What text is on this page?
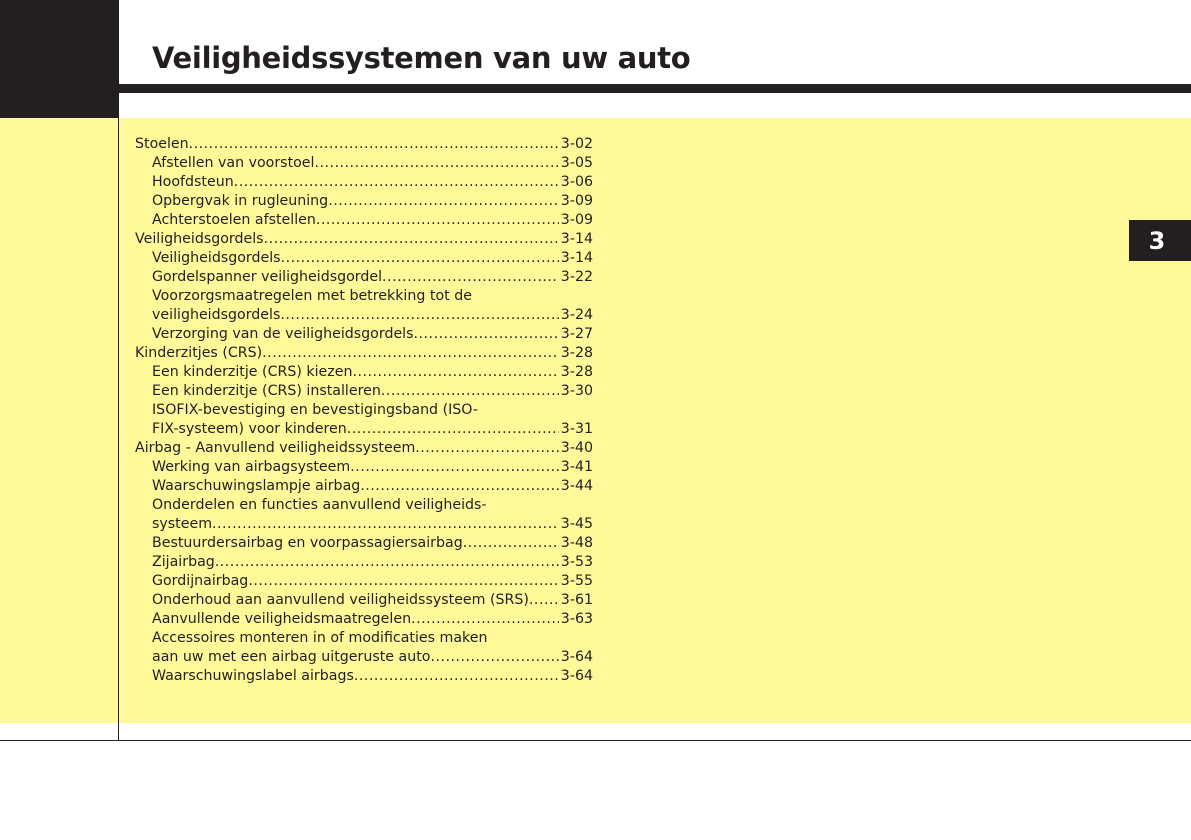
Veiligheidssystemen van uw auto
3
Stoelen .....	3-02
Afstellen van voorstoel .....	3-05
Hoofdsteun .....	3-06
Opbergvak in rugleuning .....	3-09
Achterstoelen afstellen .....	3-09
Veiligheidsgordels .....	3-14
Veiligheidsgordels .....	3-14
Gordelspanner veiligheidsgordel .....	3-22
Voorzorgsmaatregelen met betrekking tot de
veiligheidsgordels .....	3-24
Verzorging van de veiligheidsgordels .....	3-27
Kinderzitjes (CRS) .....	3-28
Een kinderzitje (CRS) kiezen .....	3-28
Een kinderzitje (CRS) installeren .....	3-30
ISOFIX-bevestiging en bevestigingsband (ISO-
FIX-systeem) voor kinderen .....	3-31
Airbag - Aanvullend veiligheidssysteem .....	3-40
Werking van airbagsysteem .....	3-41
Waarschuwingslampje airbag .....	3-44
Onderdelen en functies aanvullend veiligheids-
systeem .....	3-45
Bestuurdersairbag en voorpassagiersairbag .....	3-48
Zijairbag .....	3-53
Gordijnairbag .....	3-55
Onderhoud aan aanvullend veiligheidssysteem (SRS) ..... 3-61
Aanvullende veiligheidsmaatregelen .....	3-63
Accessoires monteren in of modificaties maken
aan uw met een airbag uitgeruste auto .....	3-64
Waarschuwingslabel airbags .....	3-64
